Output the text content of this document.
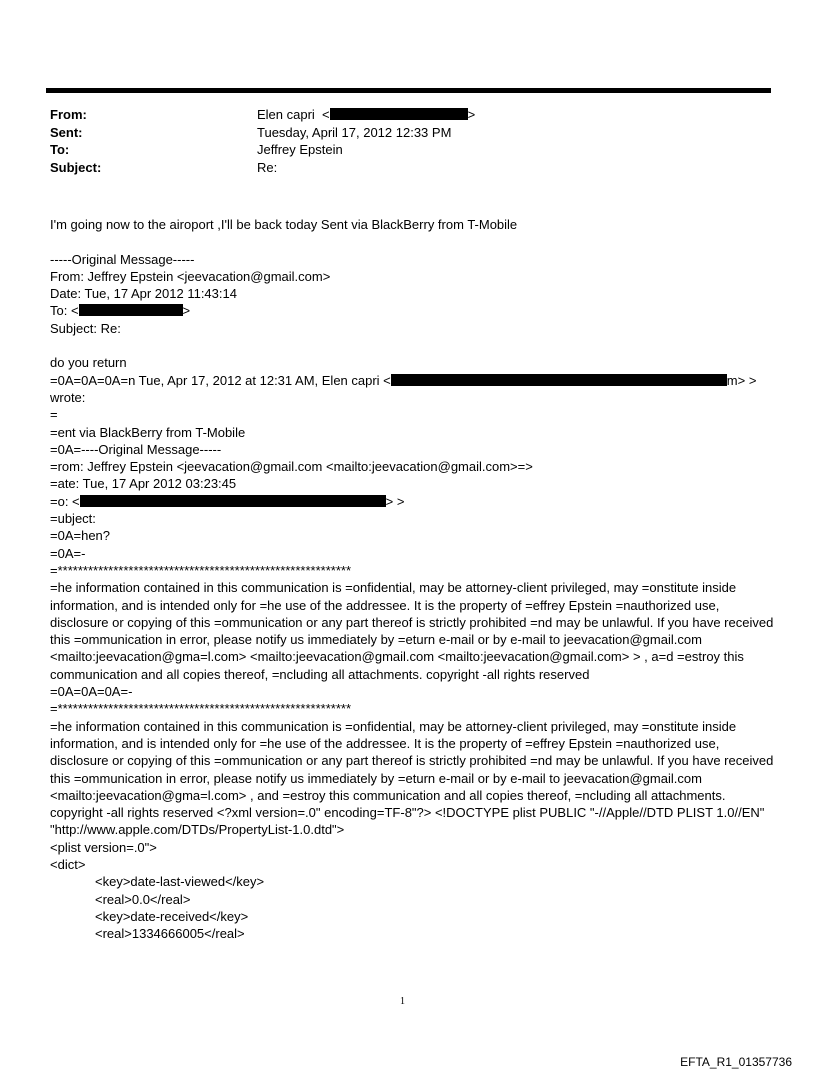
From:	Elen capri <	>
Sent:	Tuesday, April 17, 2012 12:33 PM
To:	Jeffrey Epstein
Subject:	Re:
I'm going now to the airoport ,I'll be back today Sent via BlackBerry from T-Mobile
-----Original Message-----
From: Jeffrey Epstein <jeevacation@gmail.com>
Date: Tue, 17 Apr 2012 11:43:14
To: <	>
Subject: Re:
do you return
=0A=0A=0A=n Tue, Apr 17, 2012 at 12:31 AM, Elen capri <	m> >
wrote:
=
=ent via BlackBerry from T-Mobile
=0A=----Original Message-----
=rom: Jeffrey Epstein <jeevacation@gmail.com <mailto:jeevacation@gmail.com>=>
=ate: Tue, 17 Apr 2012 03:23:45
=o: <	> >
=ubject:
=0A=hen?
=0A=-
=**********************************************************
=he information contained in this communication is =onfidential, may be attorney-client privileged, may =onstitute inside information, and is intended only for =he use of the addressee. It is the property of =effrey Epstein =nauthorized use, disclosure or copying of this =ommunication or any part thereof is strictly prohibited =nd may be unlawful. If you have received this =ommunication in error, please notify us immediately by =eturn e-mail or by e-mail to jeevacation@gmail.com <mailto:jeevacation@gma=l.com> <mailto:jeevacation@gmail.com <mailto:jeevacation@gmail.com> > , a=d =estroy this communication and all copies thereof, =ncluding all attachments. copyright -all rights reserved
=0A=0A=0A=-
=**********************************************************
=he information contained in this communication is =onfidential, may be attorney-client privileged, may =onstitute inside information, and is intended only for =he use of the addressee. It is the property of =effrey Epstein =nauthorized use, disclosure or copying of this =ommunication or any part thereof is strictly prohibited =nd may be unlawful. If you have received this =ommunication in error, please notify us immediately by =eturn e-mail or by e-mail to jeevacation@gmail.com <mailto:jeevacation@gma=l.com> , and =estroy this communication and all copies thereof, =ncluding all attachments. copyright -all rights reserved <?xml version=.0" encoding=TF-8"?> <!DOCTYPE plist PUBLIC "-//Apple//DTD PLIST 1.0//EN" "http://www.apple.com/DTDs/PropertyList-1.0.dtd">
<plist version=.0">
<dict>
<key>date-last-viewed</key>
<real>0.0</real>
<key>date-received</key>
<real>1334666005</real>
1
EFTA_R1_01357736
